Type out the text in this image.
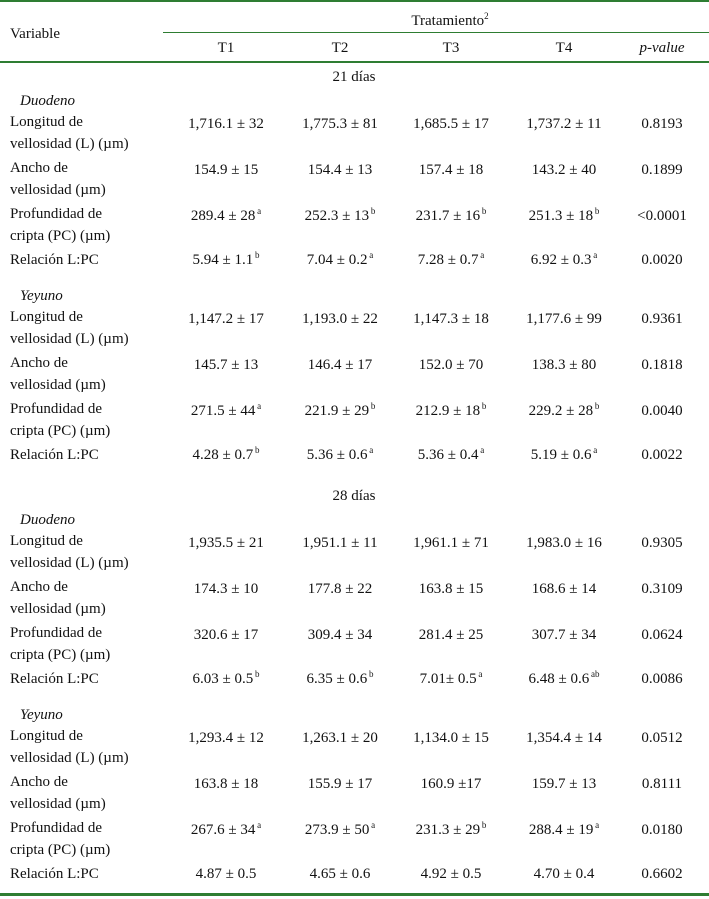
Variable
Tratamiento$^2$
T1	T2	T3	T4	p-value
21 días
Duodeno
Longitud de
vellosidad (L) (µm)
1,716.1 ± 32	1,775.3 ± 81	1,685.5 ± 17	1,737.2 ± 11	0.8193
Ancho de
vellosidad (µm)
154.9 ± 15	154.4 ± 13	157.4 ± 18	143.2 ± 40	0.1899
Profundidad de
cripta (PC) (µm)
289.4 ± 28 $^a$	252.3 ± 13 $^b$	231.7 ± 16 $^b$	251.3 ± 18 $^b$	<0.0001
Relación L:PC	5.94 ± 1.1 $^b$	7.04 ± 0.2 $^a$	7.28 ± 0.7 $^a$	6.92 ± 0.3 $^a$	0.0020
Yeyuno
Longitud de
vellosidad (L) (µm)
1,147.2 ± 17	1,193.0 ± 22	1,147.3 ± 18	1,177.6 ± 99	0.9361
Ancho de
vellosidad (µm)
145.7 ± 13	146.4 ± 17	152.0 ± 70	138.3 ± 80	0.1818
Profundidad de
cripta (PC) (µm)
271.5 ± 44 $^a$	221.9 ± 29 $^b$	212.9 ± 18 $^b$	229.2 ± 28 $^b$	0.0040
Relación L:PC	4.28 ± 0.7 $^b$	5.36 ± 0.6 $^a$	5.36 ± 0.4 $^a$	5.19 ± 0.6 $^a$	0.0022
28 días
Duodeno
Longitud de
vellosidad (L) (µm)
1,935.5 ± 21	1,951.1 ± 11	1,961.1 ± 71	1,983.0 ± 16	0.9305
Ancho de
vellosidad (µm)
174.3 ± 10	177.8 ± 22	163.8 ± 15	168.6 ± 14	0.3109
Profundidad de
cripta (PC) (µm)
320.6 ± 17	309.4 ± 34	281.4 ± 25	307.7 ± 34	0.0624
Relación L:PC	6.03 ± 0.5 $^b$	6.35 ± 0.6 $^b$	7.01± 0.5 $^a$	6.48 ± 0.6 $^{ab}$	0.0086
Yeyuno
Longitud de
vellosidad (L) (µm)
1,293.4 ± 12	1,263.1 ± 20	1,134.0 ± 15	1,354.4 ± 14	0.0512
Ancho de
vellosidad (µm)
163.8 ± 18	155.9 ± 17	160.9 ±17	159.7 ± 13	0.8111
Profundidad de
cripta (PC) (µm)
267.6 ± 34 $^a$	273.9 ± 50 $^a$	231.3 ± 29 $^b$	288.4 ± 19 $^a$	0.0180
Relación L:PC	4.87 ± 0.5	4.65 ± 0.6	4.92 ± 0.5	4.70 ± 0.4	0.6602
